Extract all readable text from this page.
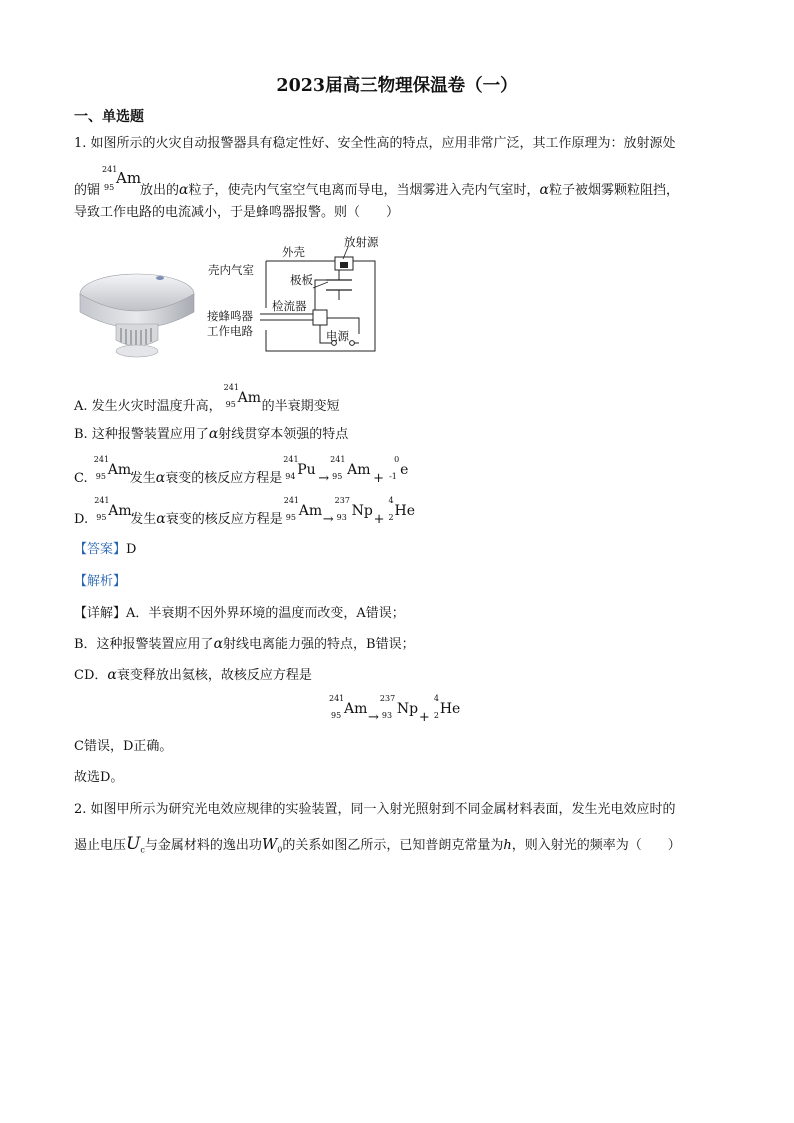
2023届高三物理保温卷（一）
一、单选题
1. 如图所示的火灾自动报警器具有稳定性好、安全性高的特点，应用非常广泛，其工作原理为：放射源处
的镅
241
95
Am
放出的α粒子，使壳内气室空气电离而导电，当烟雾进入壳内气室时，α粒子被烟雾颗粒阻挡，
导致工作电路的电流减小，于是蜂鸣器报警。则（　　）
外壳
放射源
壳内气室
极板
检流器
接蜂鸣器
工作电路	电源
A. 发生火灾时温度升高，
241
95 Am
的半衰期变短
B. 这种报警装置应用了α射线贯穿本领强的特点
C.
241
95 Am
发生α衰变的核反应方程是
241
94 Pu
→
241
95 Am
+
0
-1 e
D.
241
95 Am
发生α衰变的核反应方程是
241
95 Am
→
237
93 Np
+
4
2 He
【答案】D
【解析】
【详解】A．半衰期不因外界环境的温度而改变，A错误；
B．这种报警装置应用了α射线电离能力强的特点，B错误；
CD．α衰变释放出氦核，故核反应方程是
241
95 Am
→
237
93 Np
+
4
2 He
C错误，D正确。
故选D。
2. 如图甲所示为研究光电效应规律的实验装置，同一入射光照射到不同金属材料表面，发生光电效应时的
遏止电压$U_c$与金属材料的逸出功$W_0$的关系如图乙所示，已知普朗克常量为h，则入射光的频率为（　　）
